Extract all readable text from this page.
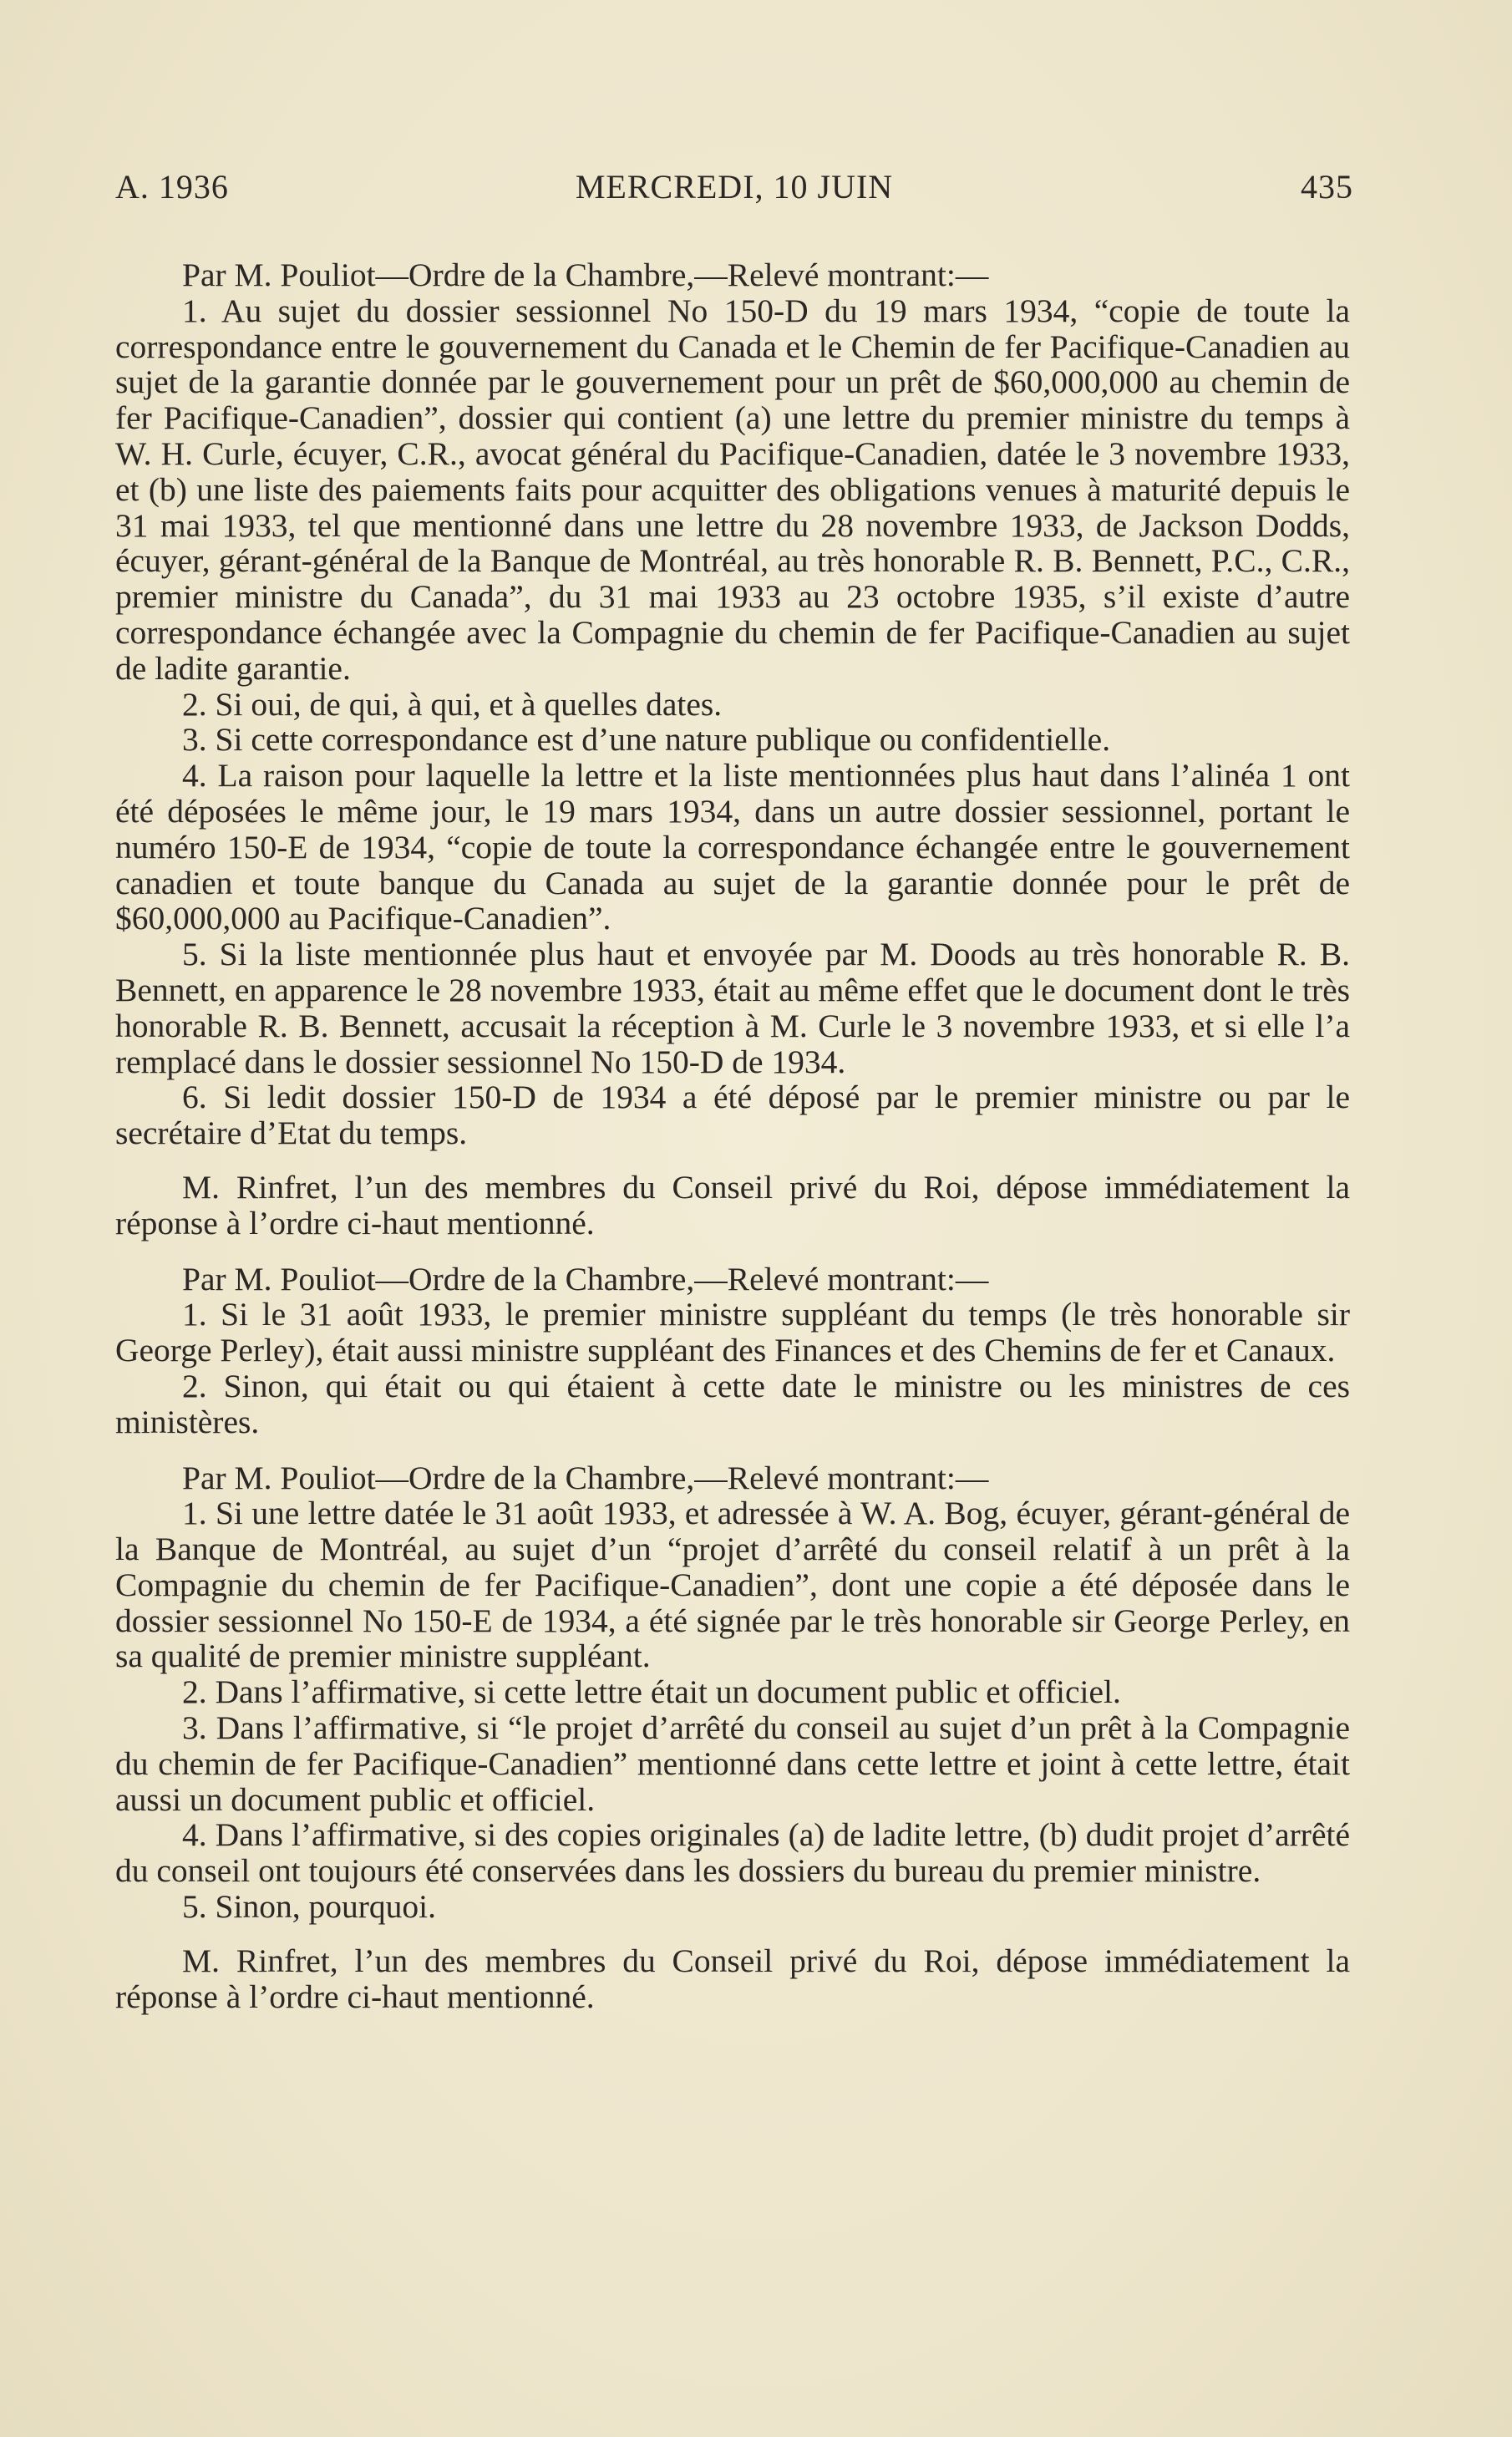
A. 1936	MERCREDI, 10 JUIN	435

Par M. Pouliot—Ordre de la Chambre,—Relevé montrant:—

1. Au sujet du dossier sessionnel No 150-D du 19 mars 1934, “copie de toute la correspondance entre le gouvernement du Canada et le Chemin de fer Pacifique-Canadien au sujet de la garantie donnée par le gouvernement pour un prêt de $60,000,000 au chemin de fer Pacifique-Canadien”, dossier qui contient (a) une lettre du premier ministre du temps à W. H. Curle, écuyer, C.R., avocat général du Pacifique-Canadien, datée le 3 novembre 1933, et (b) une liste des paiements faits pour acquitter des obligations venues à maturité depuis le 31 mai 1933, tel que mentionné dans une lettre du 28 novembre 1933, de Jackson Dodds, écuyer, gérant-général de la Banque de Montréal, au très honorable R. B. Bennett, P.C., C.R., premier ministre du Canada”, du 31 mai 1933 au 23 octobre 1935, s’il existe d’autre correspondance échangée avec la Compagnie du chemin de fer Pacifique-Canadien au sujet de ladite garantie.

2. Si oui, de qui, à qui, et à quelles dates.

3. Si cette correspondance est d’une nature publique ou confidentielle.

4. La raison pour laquelle la lettre et la liste mentionnées plus haut dans l’alinéa 1 ont été déposées le même jour, le 19 mars 1934, dans un autre dossier sessionnel, portant le numéro 150-E de 1934, “copie de toute la correspondance échangée entre le gouvernement canadien et toute banque du Canada au sujet de la garantie donnée pour le prêt de $60,000,000 au Pacifique-Canadien”.

5. Si la liste mentionnée plus haut et envoyée par M. Doods au très honorable R. B. Bennett, en apparence le 28 novembre 1933, était au même effet que le document dont le très honorable R. B. Bennett, accusait la réception à M. Curle le 3 novembre 1933, et si elle l’a remplacé dans le dossier sessionnel No 150-D de 1934.

6. Si ledit dossier 150-D de 1934 a été déposé par le premier ministre ou par le secrétaire d’Etat du temps.

M. Rinfret, l’un des membres du Conseil privé du Roi, dépose immédiatement la réponse à l’ordre ci-haut mentionné.

Par M. Pouliot—Ordre de la Chambre,—Relevé montrant:—

1. Si le 31 août 1933, le premier ministre suppléant du temps (le très honorable sir George Perley), était aussi ministre suppléant des Finances et des Chemins de fer et Canaux.

2. Sinon, qui était ou qui étaient à cette date le ministre ou les ministres de ces ministères.

Par M. Pouliot—Ordre de la Chambre,—Relevé montrant:—

1. Si une lettre datée le 31 août 1933, et adressée à W. A. Bog, écuyer, gérant-général de la Banque de Montréal, au sujet d’un “projet d’arrêté du conseil relatif à un prêt à la Compagnie du chemin de fer Pacifique-Canadien”, dont une copie a été déposée dans le dossier sessionnel No 150-E de 1934, a été signée par le très honorable sir George Perley, en sa qualité de premier ministre suppléant.

2. Dans l’affirmative, si cette lettre était un document public et officiel.

3. Dans l’affirmative, si “le projet d’arrêté du conseil au sujet d’un prêt à la Compagnie du chemin de fer Pacifique-Canadien” mentionné dans cette lettre et joint à cette lettre, était aussi un document public et officiel.

4. Dans l’affirmative, si des copies originales (a) de ladite lettre, (b) dudit projet d’arrêté du conseil ont toujours été conservées dans les dossiers du bureau du premier ministre.

5. Sinon, pourquoi.

M. Rinfret, l’un des membres du Conseil privé du Roi, dépose immédiatement la réponse à l’ordre ci-haut mentionné.
